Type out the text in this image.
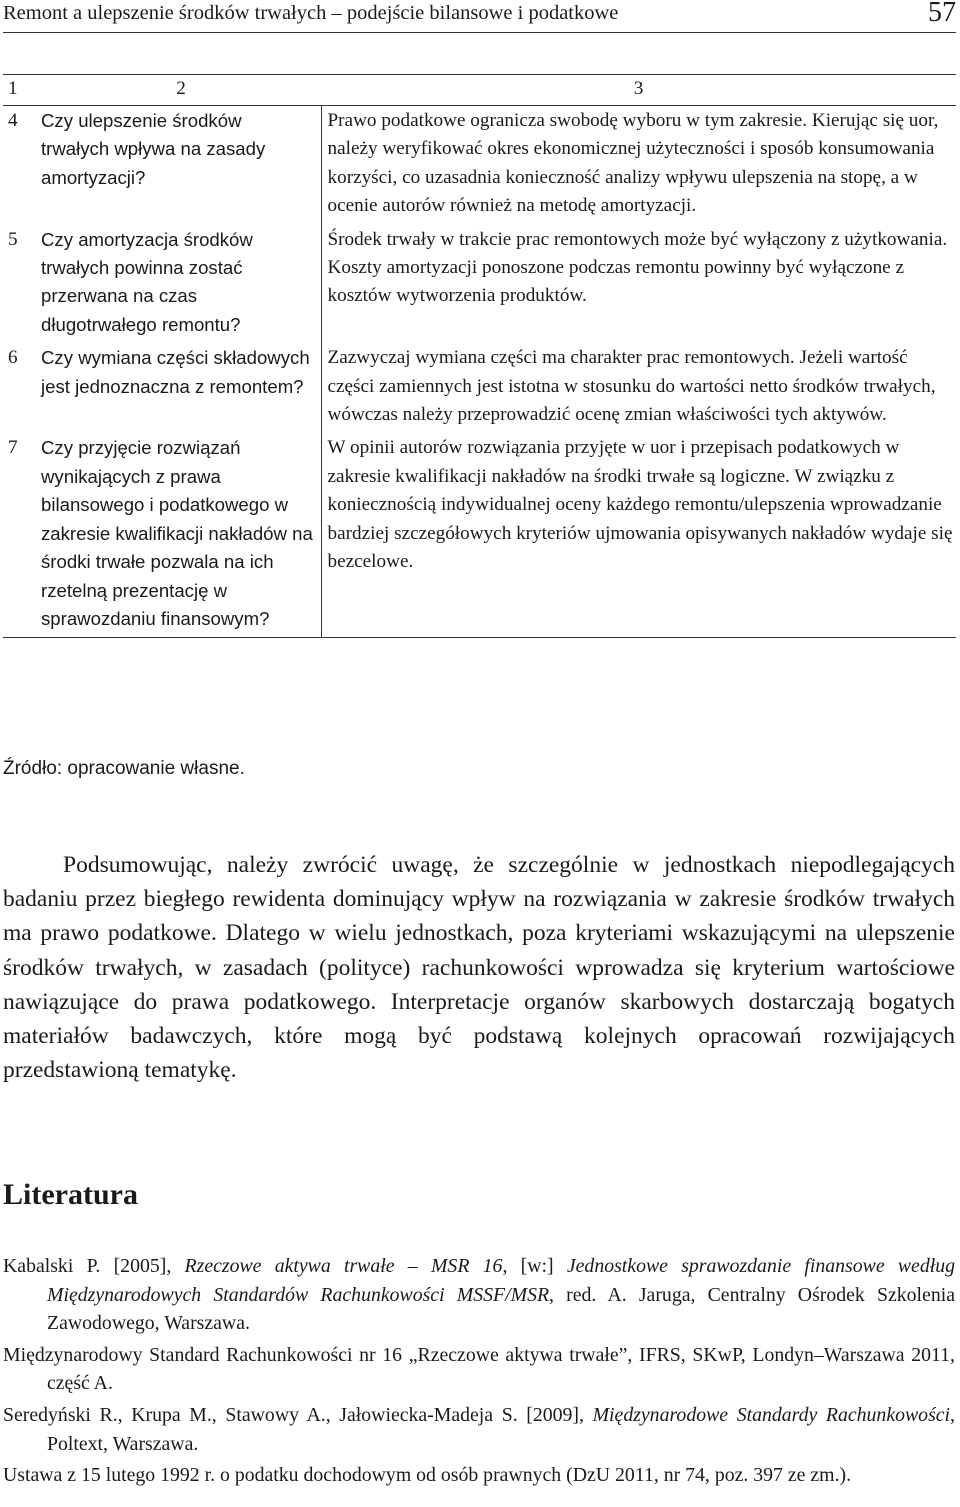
Remont a ulepszenie środków trwałych – podejście bilansowe i podatkowe	57
1	2	3
4	Czy ulepszenie środków trwałych wpływa na zasady amortyzacji?	Prawo podatkowe ogranicza swobodę wyboru w tym zakresie. Kierując się uor, należy weryfikować okres ekonomicznej użyteczności i sposób konsumowania korzyści, co uzasadnia konieczność analizy wpływu ulepszenia na stopę, a w ocenie autorów również na metodę amortyzacji.
5	Czy amortyzacja środków trwałych powinna zostać przerwana na czas długotrwałego remontu?	Środek trwały w trakcie prac remontowych może być wyłączony z użytkowania. Koszty amortyzacji ponoszone podczas remontu powinny być wyłączone z kosztów wytworzenia produktów.
6	Czy wymiana części składowych jest jednoznaczna z remontem?	Zazwyczaj wymiana części ma charakter prac remontowych. Jeżeli wartość części zamiennych jest istotna w stosunku do wartości netto środków trwałych, wówczas należy przeprowadzić ocenę zmian właściwości tych aktywów.
7	Czy przyjęcie rozwiązań wynikających z prawa bilansowego i podatkowego w zakresie kwalifikacji nakładów na środki trwałe pozwala na ich rzetelną prezentację w sprawozdaniu finansowym?	W opinii autorów rozwiązania przyjęte w uor i przepisach podatkowych w zakresie kwalifikacji nakładów na środki trwałe są logiczne. W związku z koniecznością indywidualnej oceny każdego remontu/ulepszenia wprowadzanie bardziej szczegółowych kryteriów ujmowania opisywanych nakładów wydaje się bezcelowe.
Źródło: opracowanie własne.

Podsumowując, należy zwrócić uwagę, że szczególnie w jednostkach niepodlegających badaniu przez biegłego rewidenta dominujący wpływ na rozwiązania w zakresie środków trwałych ma prawo podatkowe. Dlatego w wielu jednostkach, poza kryteriami wskazującymi na ulepszenie środków trwałych, w zasadach (polityce) rachunkowości wprowadza się kryterium wartościowe nawiązujące do prawa podatkowego. Interpretacje organów skarbowych dostarczają bogatych materiałów badawczych, które mogą być podstawą kolejnych opracowań rozwijających przedstawioną tematykę.

Literatura
Kabalski P. [2005], Rzeczowe aktywa trwałe – MSR 16, [w:] Jednostkowe sprawozdanie finansowe według Międzynarodowych Standardów Rachunkowości MSSF/MSR, red. A. Jaruga, Centralny Ośrodek Szkolenia Zawodowego, Warszawa.
Międzynarodowy Standard Rachunkowości nr 16 „Rzeczowe aktywa trwałe”, IFRS, SKwP, Londyn–Warszawa 2011, część A.
Seredyński R., Krupa M., Stawowy A., Jałowiecka-Madeja S. [2009], Międzynarodowe Standardy Rachunkowości, Poltext, Warszawa.
Ustawa z 15 lutego 1992 r. o podatku dochodowym od osób prawnych (DzU 2011, nr 74, poz. 397 ze zm.).
